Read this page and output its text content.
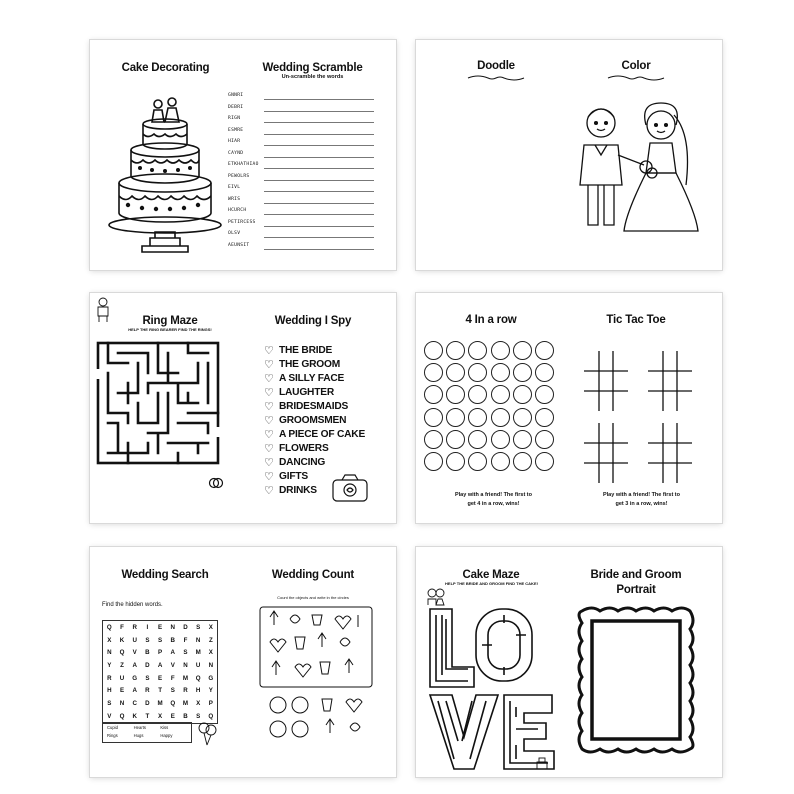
Cake Decorating	Wedding Scramble
Un-scramble the words
GNNRI
DEBRI
RIGN
ESMRE
HIAR
CAYND
ETKHATHIAO
PEWOLRS
EIVL
WRIS
HCURCH
PETIRCESS
OLSV
AEUNSIT
Doodle	Color
Ring Maze
HELP THE RING BEARER FIND THE RINGS!
Wedding I Spy
♡ THE BRIDE
♡ THE GROOM
♡ A SILLY FACE
♡ LAUGHTER
♡ BRIDESMAIDS
♡ GROOMSMEN
♡ A PIECE OF CAKE
♡ FLOWERS
♡ DANCING
♡ GIFTS
♡ DRINKS
4 In a row
Play with a friend! The first to
get 4 in a row, wins!
Tic Tac Toe
Play with a friend! The first to
get 3 in a row, wins!
Wedding Search
Find the hidden words.
Q	F	R	I	E	N	D	S	X
X	K	U	S	S	B	F	N	Z
N	Q	V	B	P	A	S	M	X
Y	Z	A	D	A	V	N	U	N
R	U	G	S	E	F	M	Q	G
H	E	A	R	T	S	R	H	Y
S	N	C	D	M	Q	M	X	P
V	Q	K	T	X	E	B	S	Q
Cupid	Hearts	Kiss
Rings	Hugs	Happy
Wedding Count
Count the objects and write in the circles
Cake Maze
HELP THE BRIDE AND GROOM FIND THE CAKE!
Bride and Groom
Portrait
